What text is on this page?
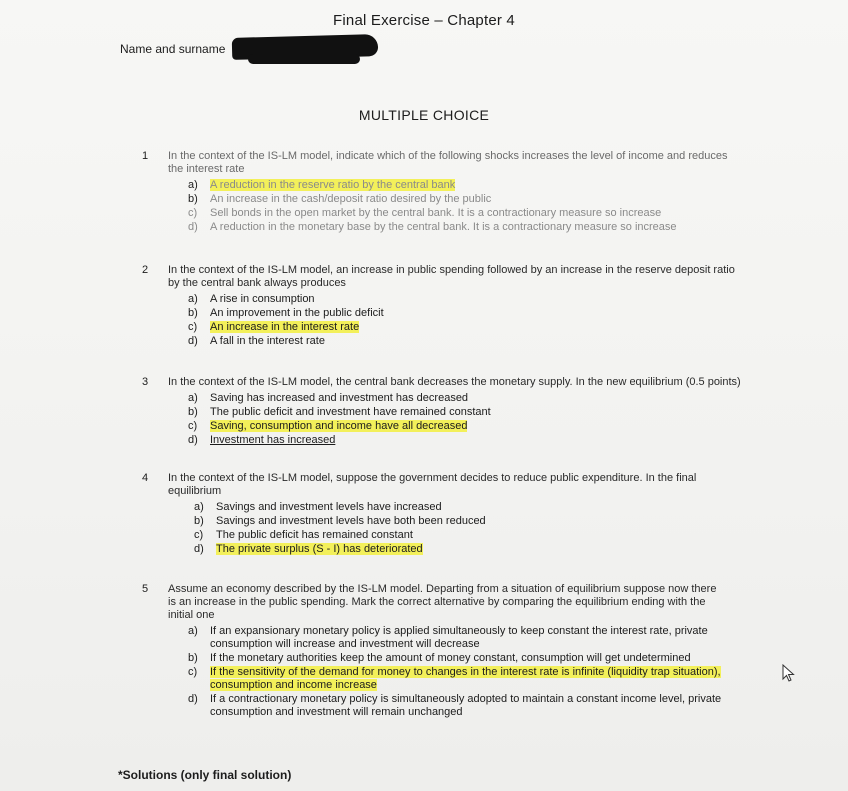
Final Exercise – Chapter 4
Name and surname
MULTIPLE CHOICE
1	In the context of the IS-LM model, indicate which of the following shocks increases the level of income and reduces the interest rate
a) A reduction in the reserve ratio by the central bank
b) An increase in the cash/deposit ratio desired by the public
c) Sell bonds in the open market by the central bank. It is a contractionary measure so increase
d) A reduction in the monetary base by the central bank. It is a contractionary measure so increase
2	In the context of the IS-LM model, an increase in public spending followed by an increase in the reserve deposit ratio by the central bank always produces
a) A rise in consumption
b) An improvement in the public deficit
c) An increase in the interest rate
d) A fall in the interest rate
3	In the context of the IS-LM model, the central bank decreases the monetary supply. In the new equilibrium (0.5 points)
a) Saving has increased and investment has decreased
b) The public deficit and investment have remained constant
c) Saving, consumption and income have all decreased
d) Investment has increased
4	In the context of the IS-LM model, suppose the government decides to reduce public expenditure. In the final equilibrium
a) Savings and investment levels have increased
b) Savings and investment levels have both been reduced
c) The public deficit has remained constant
d) The private surplus (S - I) has deteriorated
5	Assume an economy described by the IS-LM model. Departing from a situation of equilibrium suppose now there is an increase in the public spending. Mark the correct alternative by comparing the equilibrium ending with the initial one
a) If an expansionary monetary policy is applied simultaneously to keep constant the interest rate, private consumption will increase and investment will decrease
b) If the monetary authorities keep the amount of money constant, consumption will get undetermined
c) If the sensitivity of the demand for money to changes in the interest rate is infinite (liquidity trap situation), consumption and income increase
d) If a contractionary monetary policy is simultaneously adopted to maintain a constant income level, private consumption and investment will remain unchanged
*Solutions (only final solution)
